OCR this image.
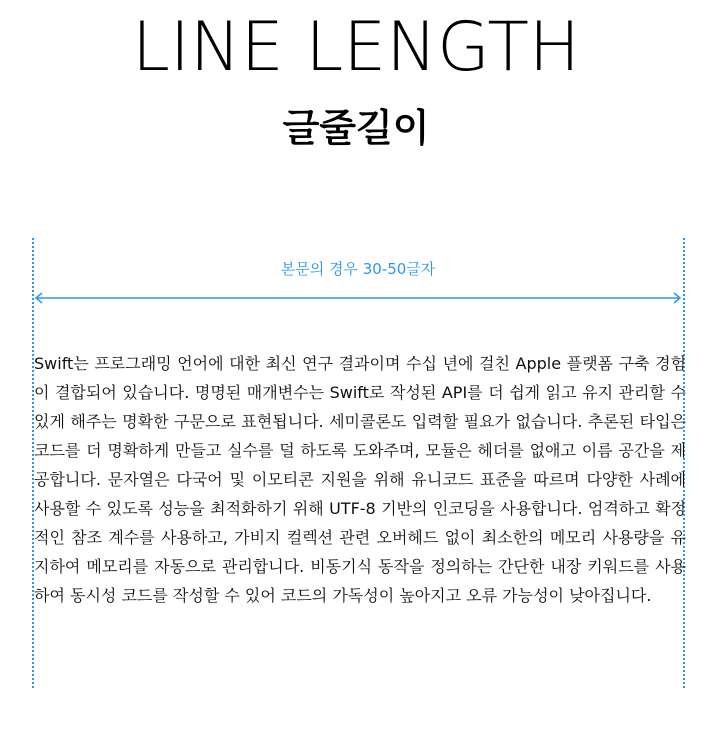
LINE LENGTH
글줄길이
본문의 경우 30-50글자

Swift는 프로그래밍 언어에 대한 최신 연구 결과이며 수십 년에 걸친 Apple 플랫폼 구축 경험이 결합되어 있습니다. 명명된 매개변수는 Swift로 작성된 API를 더 쉽게 읽고 유지 관리할 수 있게 해주는 명확한 구문으로 표현됩니다. 세미콜론도 입력할 필요가 없습니다. 추론된 타입은 코드를 더 명확하게 만들고 실수를 덜 하도록 도와주며, 모듈은 헤더를 없애고 이름 공간을 제공합니다. 문자열은 다국어 및 이모티콘 지원을 위해 유니코드 표준을 따르며 다양한 사례에 사용할 수 있도록 성능을 최적화하기 위해 UTF-8 기반의 인코딩을 사용합니다. 엄격하고 확정적인 참조 계수를 사용하고, 가비지 컬렉션 관련 오버헤드 없이 최소한의 메모리 사용량을 유지하여 메모리를 자동으로 관리합니다. 비동기식 동작을 정의하는 간단한 내장 키워드를 사용하여 동시성 코드를 작성할 수 있어 코드의 가독성이 높아지고 오류 가능성이 낮아집니다.
